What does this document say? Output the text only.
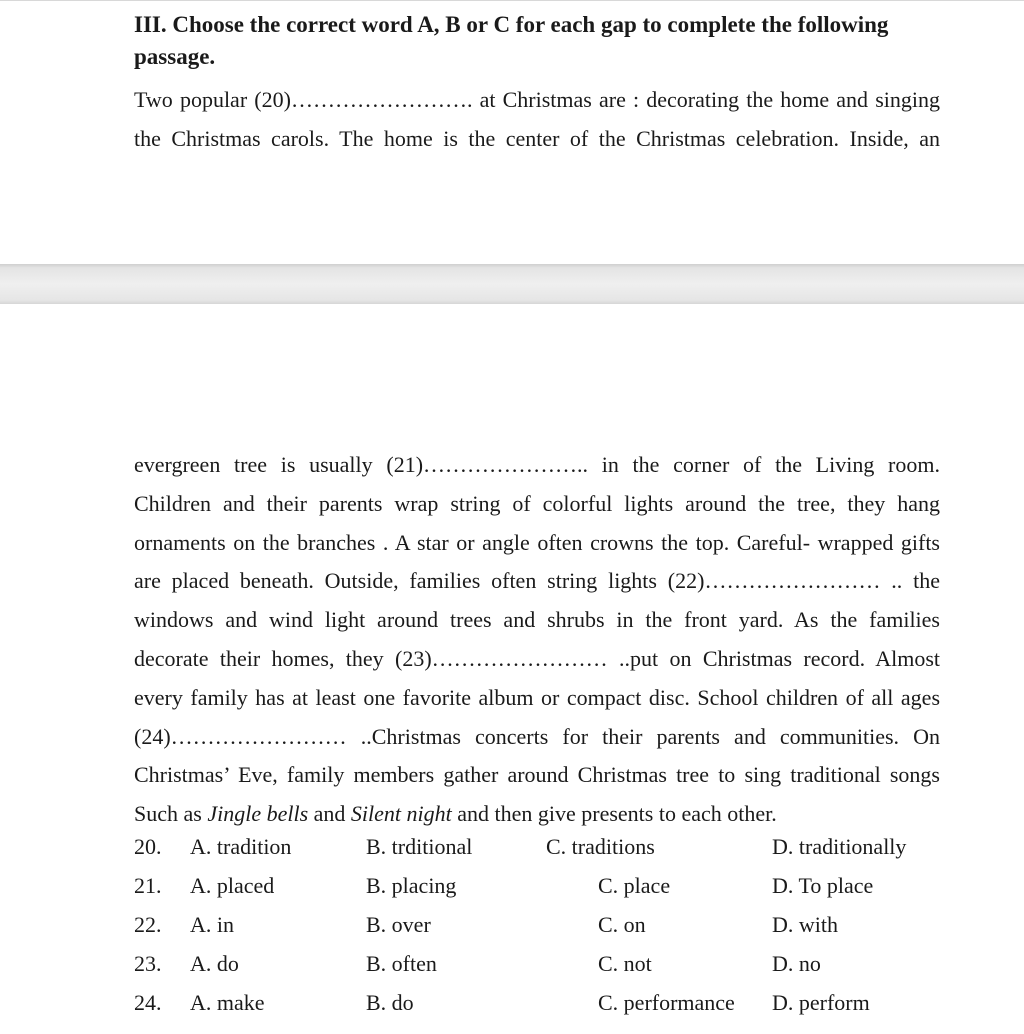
III. Choose the correct word A, B or C for each gap to complete the following
passage.
Two popular (20)……………………. at Christmas are : decorating the home and singing
the Christmas carols. The home is the center of the Christmas celebration. Inside, an
evergreen tree is usually (21)………………….. in the corner of the Living room.
Children and their parents wrap string of colorful lights around the tree, they hang
ornaments on the branches . A star or angle often crowns the top. Careful- wrapped gifts
are placed beneath. Outside, families often string lights (22)…………………… .. the
windows and wind light around trees and shrubs in the front yard. As the families
decorate their homes, they (23)…………………… ..put on Christmas record. Almost
every family has at least one favorite album or compact disc. School children of all ages
(24)…………………… ..Christmas concerts for their parents and communities. On
Christmas’ Eve, family members gather around Christmas tree to sing traditional songs
Such as Jingle bells and Silent night and then give presents to each other.
20. A. tradition	B. trditional	C. traditions	D. traditionally
21. A. placed	B. placing	C. place	D. To place
22. A. in	B. over	C. on	D. with
23. A. do	B. often	C. not	D. no
24. A. make	B. do	C. performance D. perform
